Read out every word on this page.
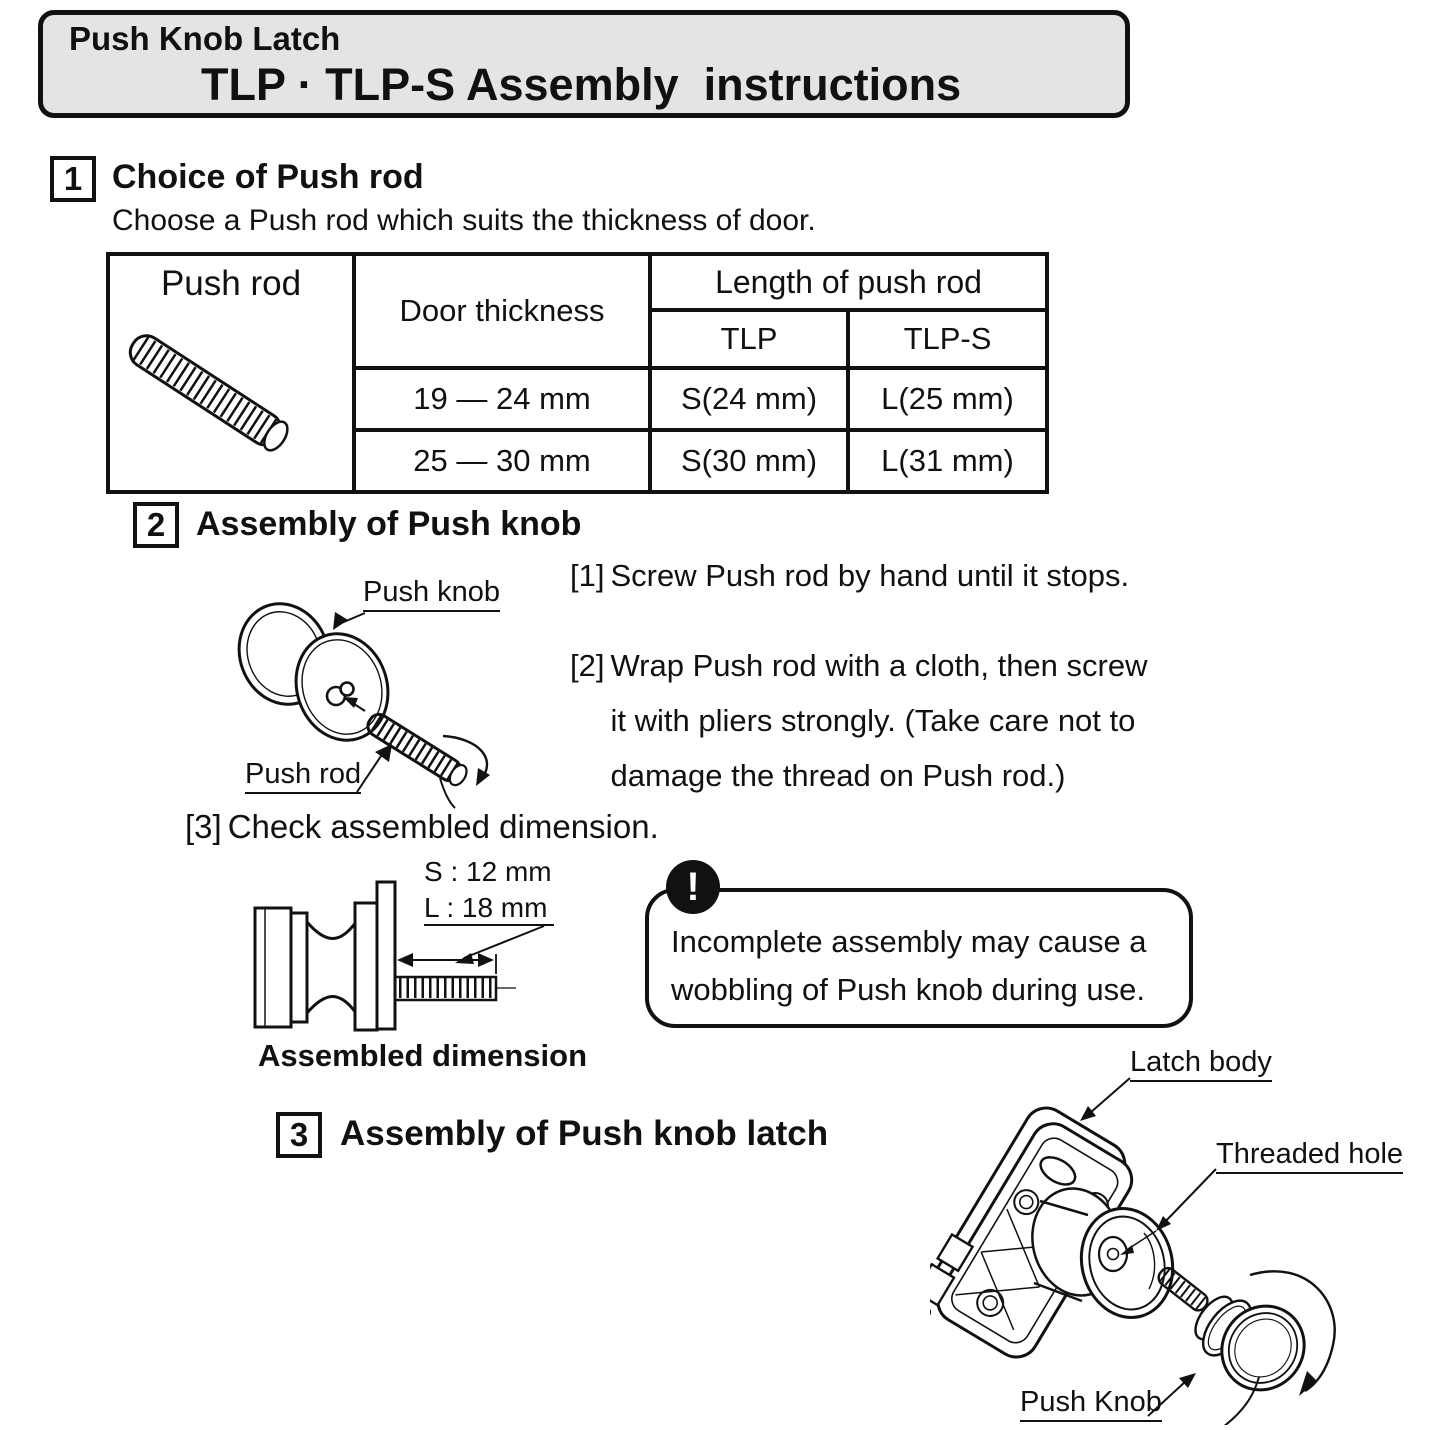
Push Knob Latch
TLP · TLP-S Assembly  instructions
1 Choice of Push rod
Choose a Push rod which suits the thickness of door.
Push rod	Door thickness	Length of push rod	
		TLP	TLP-S
	19 — 24 mm	S(24 mm)	L(25 mm)
	25 — 30 mm	S(30 mm)	L(31 mm)
2 Assembly of Push knob
Push knob
Push rod
[1] Screw Push rod by hand until it stops.
[2] Wrap Push rod with a cloth, then screw
it with pliers strongly. (Take care not to
damage the thread on Push rod.)
[3] Check assembled dimension.
S : 12 mm
L : 18 mm
Assembled dimension
Incomplete assembly may cause a
wobbling of Push knob during use.
!
3 Assembly of Push knob latch
Latch body
Threaded hole
Push Knob
